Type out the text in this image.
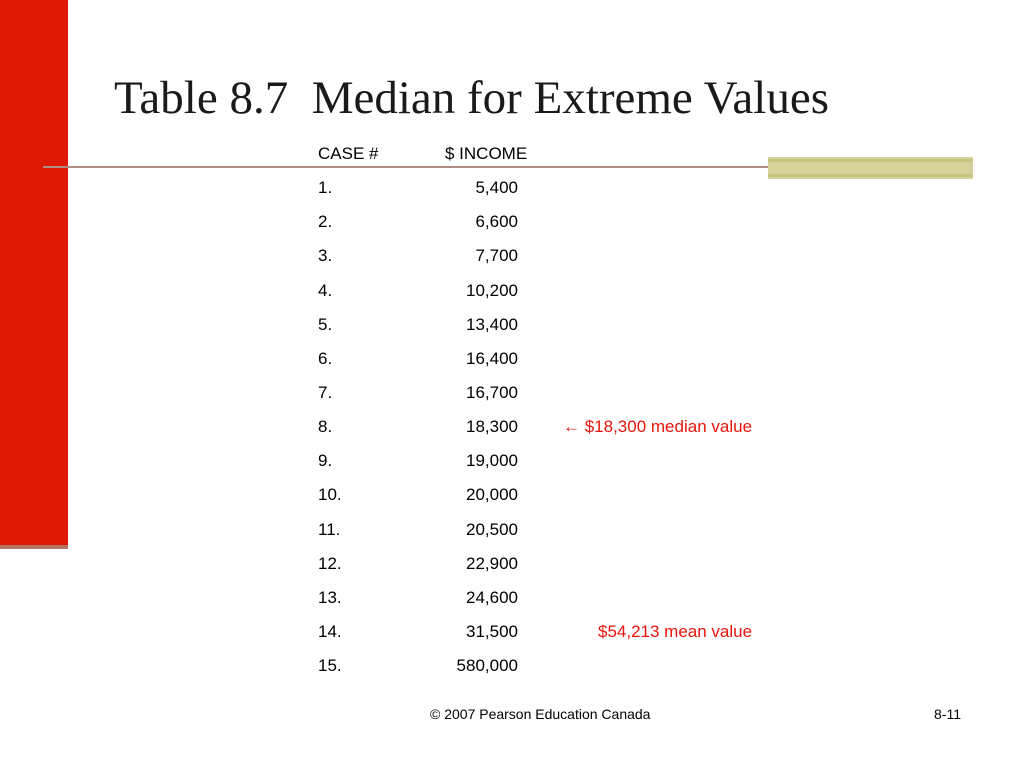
Table 8.7  Median for Extreme Values
CASE #	$ INCOME
1.	5,400
2.	6,600
3.	7,700
4.	10,200
5.	13,400
6.	16,400
7.	16,700
8.	18,300	← $18,300 median value
9.	19,000
10.	20,000
11.	20,500
12.	22,900
13.	24,600
14.	31,500	$54,213 mean value
15.	580,000
© 2007 Pearson Education Canada	8-11
